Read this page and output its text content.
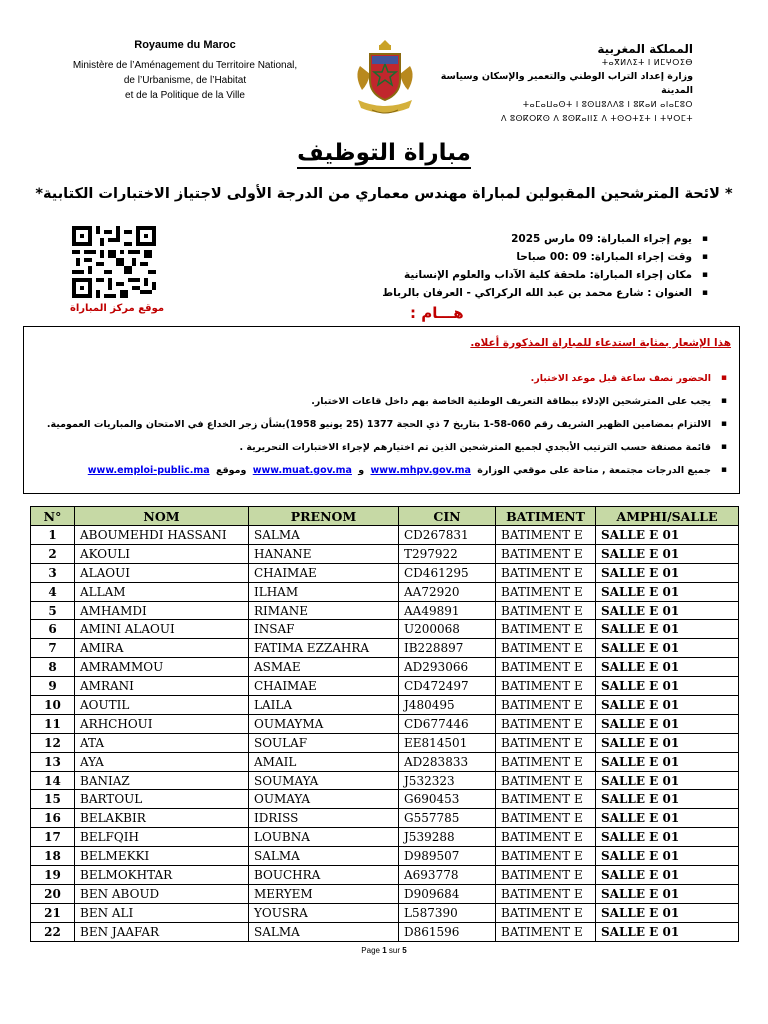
Royaume du Maroc
Ministère de l’Aménagement du Territoire National,
de l’Urbanisme, de l’Habitat
et de la Politique de la Ville
المملكة المغربية
ⵜⴰⴳⵍⴷⵉⵜ ⵏ ⵍⵎⵖⵔⵉⴱ
وزارة إعداد التراب الوطني والتعمير والإسكان وسياسة المدينة
ⵜⴰⵎⴰⵡⴰⵙⵜ ⵏ ⵓⵙⵡⵓⴷⴷⵓ ⵏ ⵓⴽⴰⵍ ⴰⵏⴰⵎⵓⵔ
ⴷ ⵓⵙⴽⵔⴽⵙ ⴷ ⵓⵙⴽⴰⵏⵏⵉ ⴷ ⵜⵙⵔⵜⵉⵜ ⵏ ⵜⵖⵔⵎⵜ
مباراة التوظيف
* لائحة المترشحين المقبولين لمباراة مهندس معماري من الدرجة الأولى لاجتياز الاختبارات الكتابية*
موقع مركز المباراة
▪ يوم إجراء المباراة: 09 مارس 2025
▪ وقت إجراء المباراة: 09 :00 صباحا
▪ مكان إجراء المباراة: ملحقة كلية الآداب والعلوم الإنسانية
▪ العنوان : شارع محمد بن عبد الله الركراكي - العرفان بالرباط
هـــام :
هذا الإشعار بمثابة استدعاء للمباراة المذكورة أعلاه.
▪ الحضور نصف ساعة قبل موعد الاختبار.
▪ يجب على المترشحين الإدلاء ببطاقة التعريف الوطنية الخاصة بهم داخل قاعات الاختبار.
▪ الالتزام بمضامين الظهير الشريف رقم 060-58-1 بتاريخ 7 ذي الحجة 1377 (25 يونيو 1958)بشأن زجر الخداع في الامتحان والمباريات العمومية.
▪ قائمة مصنفة حسب الترتيب الأبجدي لجميع المترشحين الذين تم اختيارهم لإجراء الاختبارات التحريرية .
▪ جميع الدرجات مجتمعة , متاحة على موقعي الوزارة www.mhpv.gov.ma و www.muat.gov.ma وموقع www.emploi-public.ma
N°	NOM	PRENOM	CIN	BATIMENT	AMPHI/SALLE
1	ABOUMEHDI HASSANI	SALMA	CD267831	BATIMENT E	SALLE E 01
2	AKOULI	HANANE	T297922	BATIMENT E	SALLE E 01
3	ALAOUI	CHAIMAE	CD461295	BATIMENT E	SALLE E 01
4	ALLAM	ILHAM	AA72920	BATIMENT E	SALLE E 01
5	AMHAMDI	RIMANE	AA49891	BATIMENT E	SALLE E 01
6	AMINI ALAOUI	INSAF	U200068	BATIMENT E	SALLE E 01
7	AMIRA	FATIMA EZZAHRA	IB228897	BATIMENT E	SALLE E 01
8	AMRAMMOU	ASMAE	AD293066	BATIMENT E	SALLE E 01
9	AMRANI	CHAIMAE	CD472497	BATIMENT E	SALLE E 01
10	AOUTIL	LAILA	J480495	BATIMENT E	SALLE E 01
11	ARHCHOUI	OUMAYMA	CD677446	BATIMENT E	SALLE E 01
12	ATA	SOULAF	EE814501	BATIMENT E	SALLE E 01
13	AYA	AMAIL	AD283833	BATIMENT E	SALLE E 01
14	BANIAZ	SOUMAYA	J532323	BATIMENT E	SALLE E 01
15	BARTOUL	OUMAYA	G690453	BATIMENT E	SALLE E 01
16	BELAKBIR	IDRISS	G557785	BATIMENT E	SALLE E 01
17	BELFQIH	LOUBNA	J539288	BATIMENT E	SALLE E 01
18	BELMEKKI	SALMA	D989507	BATIMENT E	SALLE E 01
19	BELMOKHTAR	BOUCHRA	A693778	BATIMENT E	SALLE E 01
20	BEN ABOUD	MERYEM	D909684	BATIMENT E	SALLE E 01
21	BEN ALI	YOUSRA	L587390	BATIMENT E	SALLE E 01
22	BEN JAAFAR	SALMA	D861596	BATIMENT E	SALLE E 01
Page 1 sur 5
